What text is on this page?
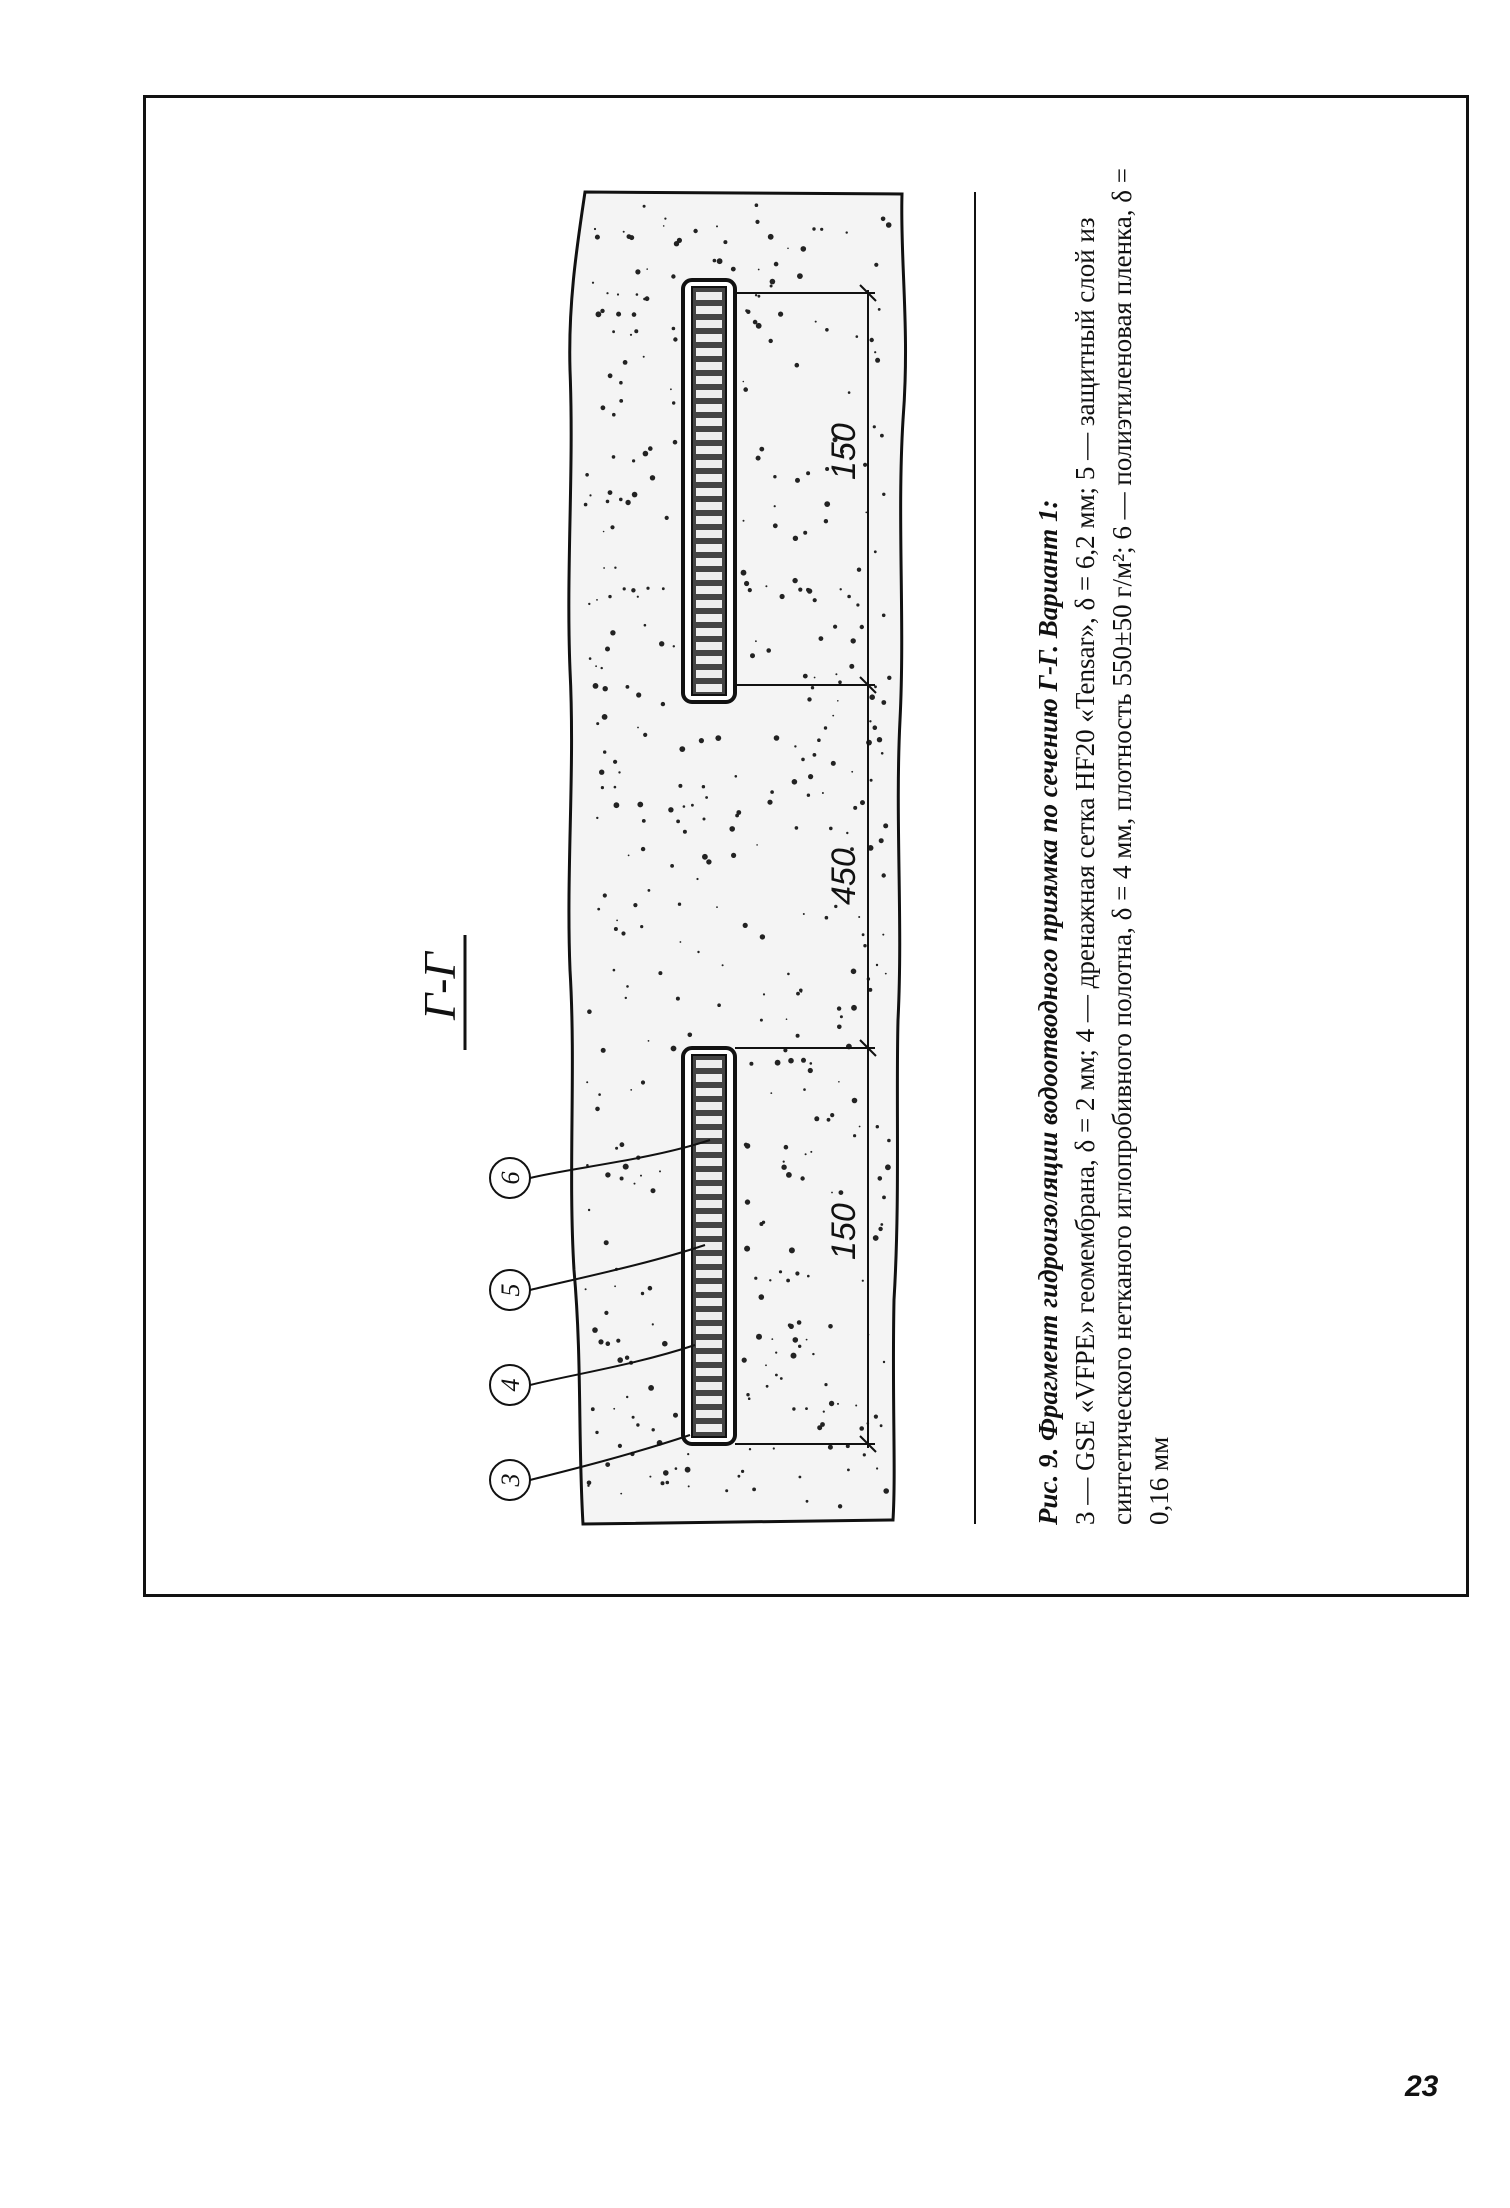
150
450
150
Г-Г
3
4
5
6	Рис. 9. Фрагмент гидроизоляции водоотводного приямка по сечению Г-Г. Вариант 1: 3 — GSE «VFPE» геомембрана, δ = 2 мм; 4 — дренажная сетка HF20 «Tensar», δ = 6,2 мм; 5 — защитный слой из синтетического нетканого иглопробивного полотна, δ = 4 мм, плотность 550±50 г/м²; 6 — полиэтиленовая пленка, δ = 0,16 мм
23
